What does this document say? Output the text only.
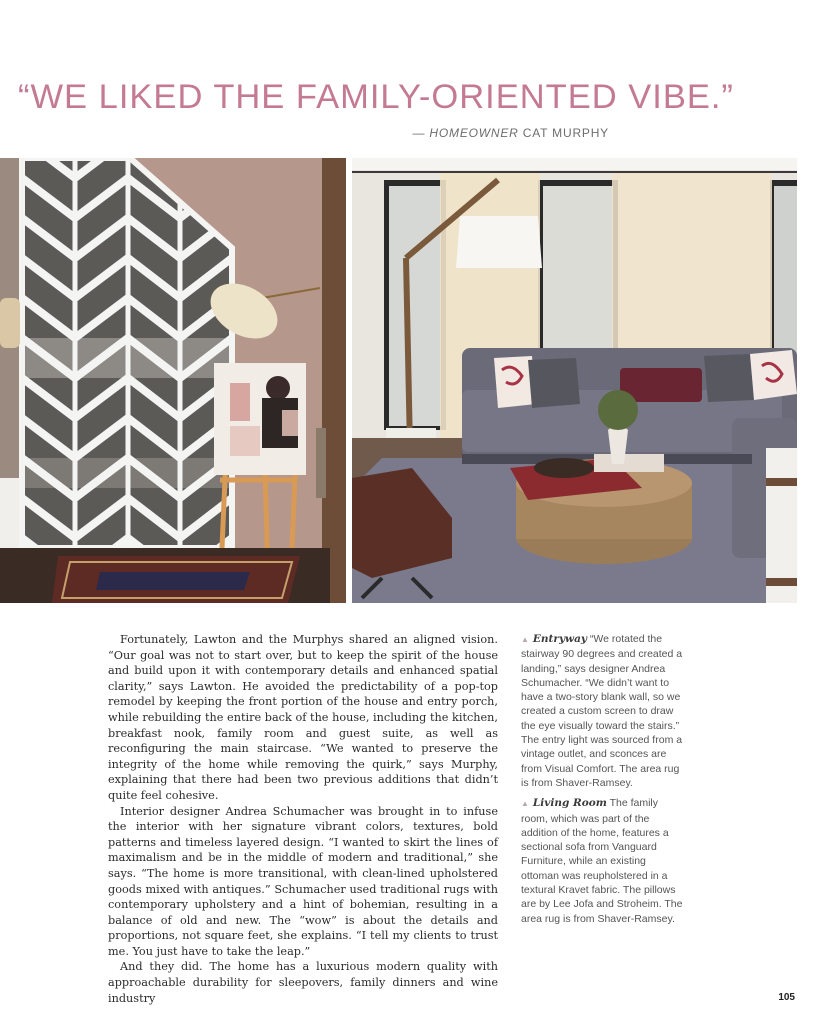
“WE LIKED THE FAMILY-ORIENTED VIBE.”
— HOMEOWNER CAT MURPHY

Fortunately, Lawton and the Murphys shared an aligned vision. “Our goal was not to start over, but to keep the spirit of the house and build upon it with contemporary details and enhanced spatial clarity,” says Lawton. He avoided the predictability of a pop-top remodel by keeping the front portion of the house and entry porch, while rebuilding the entire back of the house, including the kitchen, breakfast nook, family room and guest suite, as well as reconfiguring the main staircase. “We wanted to preserve the integrity of the home while removing the quirk,” says Murphy, explaining that there had been two previous additions that didn’t quite feel cohesive.

Interior designer Andrea Schumacher was brought in to infuse the interior with her signature vibrant colors, textures, bold patterns and timeless layered design. “I wanted to skirt the lines of maximalism and be in the middle of modern and traditional,” she says. “The home is more transitional, with clean-lined upholstered goods mixed with antiques.” Schumacher used traditional rugs with contemporary upholstery and a hint of bohemian, resulting in a balance of old and new. The “wow” is about the details and proportions, not square feet, she explains. “I tell my clients to trust me. You just have to take the leap.”

And they did. The home has a luxurious modern quality with approachable durability for sleepovers, family dinners and wine industry

▲ Entryway “We rotated the stairway 90 degrees and created a landing,” says designer Andrea Schumacher. “We didn’t want to have a two-story blank wall, so we created a custom screen to draw the eye visually toward the stairs.” The entry light was sourced from a vintage outlet, and sconces are from Visual Comfort. The area rug is from Shaver-Ramsey.

▲ Living Room The family room, which was part of the addition of the home, features a sectional sofa from Vanguard Furniture, while an existing ottoman was reupholstered in a textural Kravet fabric. The pillows are by Lee Jofa and Stroheim. The area rug is from Shaver-Ramsey.

105
